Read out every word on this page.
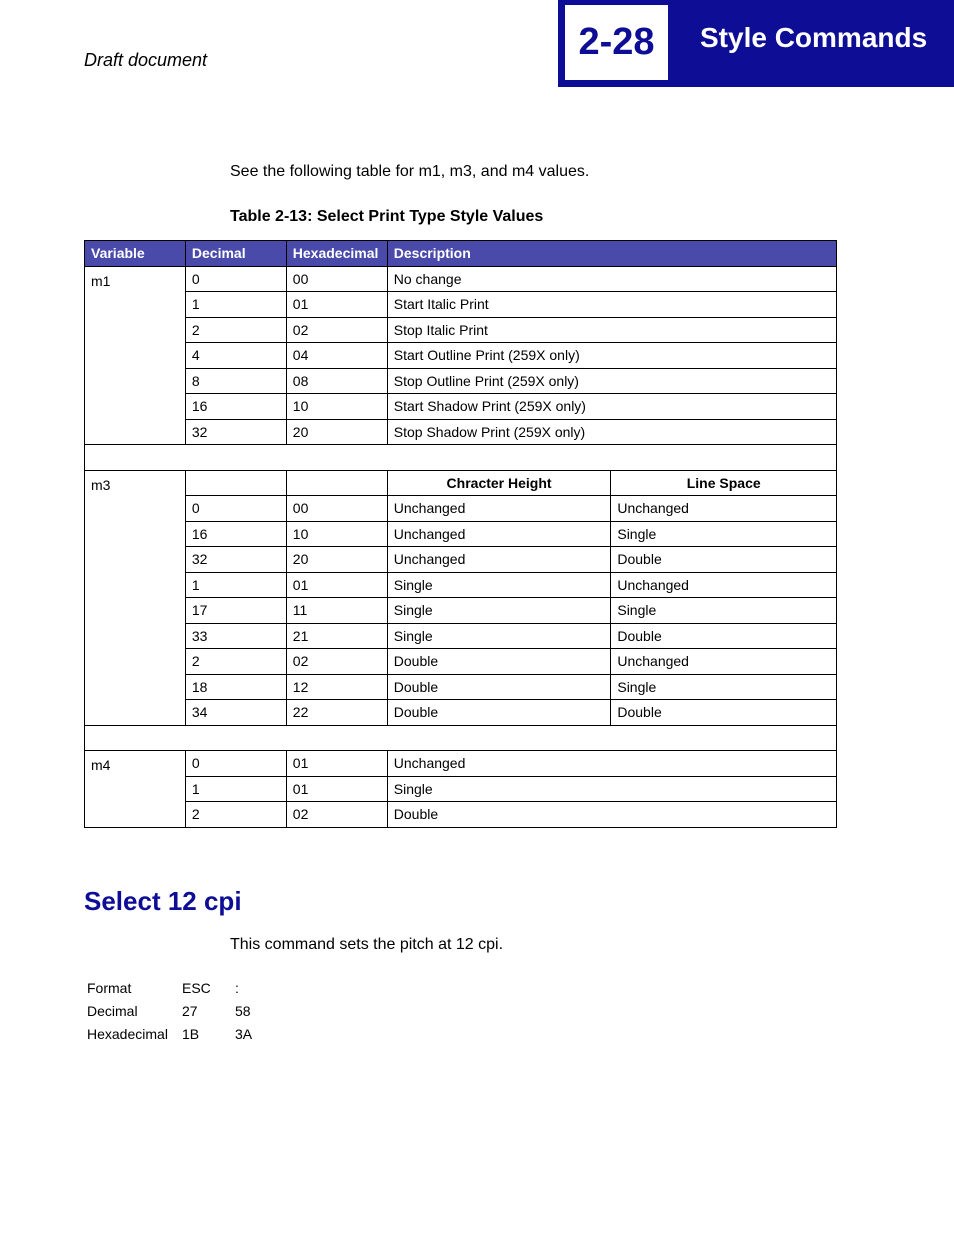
Draft document	2-28	Style Commands
See the following table for m1, m3, and m4 values.
Table 2-13: Select Print Type Style Values
Variable	Decimal	Hexadecimal	Description	
m1	0	00	No change	
	1	01	Start Italic Print	
	2	02	Stop Italic Print	
	4	04	Start Outline Print (259X only)	
	8	08	Stop Outline Print (259X only)	
	16	10	Start Shadow Print (259X only)	
	32	20	Stop Shadow Print (259X only)	

m3			Chracter Height	Line Space
	0	00	Unchanged	Unchanged
	16	10	Unchanged	Single
	32	20	Unchanged	Double
	1	01	Single	Unchanged
	17	11	Single	Single
	33	21	Single	Double
	2	02	Double	Unchanged
	18	12	Double	Single
	34	22	Double	Double

m4	0	01	Unchanged	
	1	01	Single	
	2	02	Double	
Select 12 cpi
This command sets the pitch at 12 cpi.
Format	ESC	:
Decimal	27	58
Hexadecimal	1B	3A
